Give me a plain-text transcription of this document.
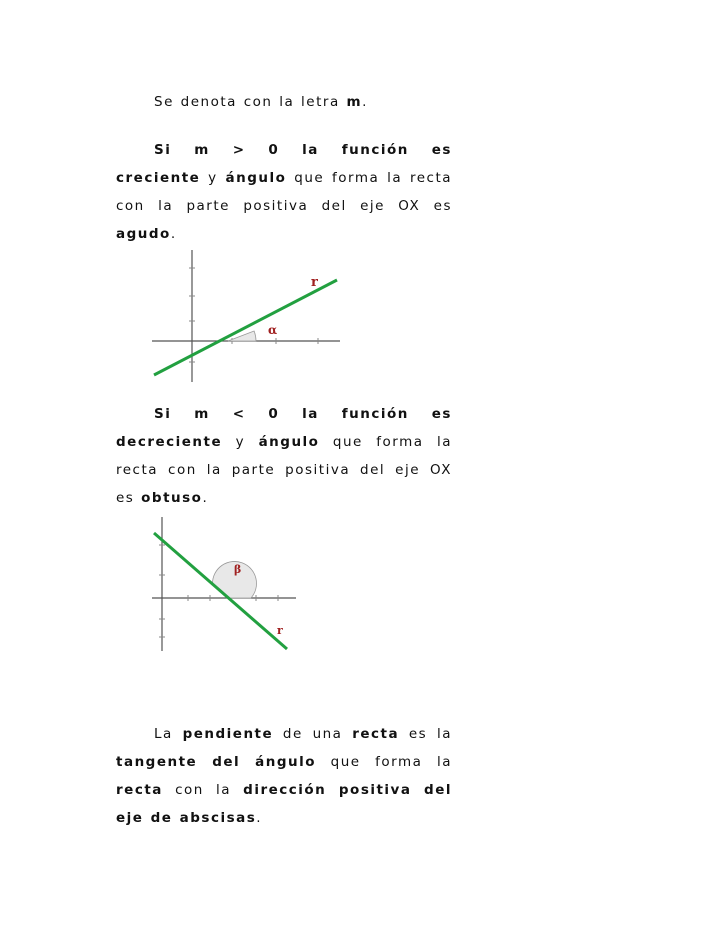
Se denota con la letra m.

Si m > 0 la función es
creciente y ángulo que forma la recta con la parte positiva del eje OX es agudo.
r
α
Si m < 0 la función es
decreciente y ángulo que forma la recta con la parte positiva del eje OX es obtuso.
β
r
La pendiente de una recta es la tangente del ángulo que forma la recta con la dirección positiva del eje de abscisas.
